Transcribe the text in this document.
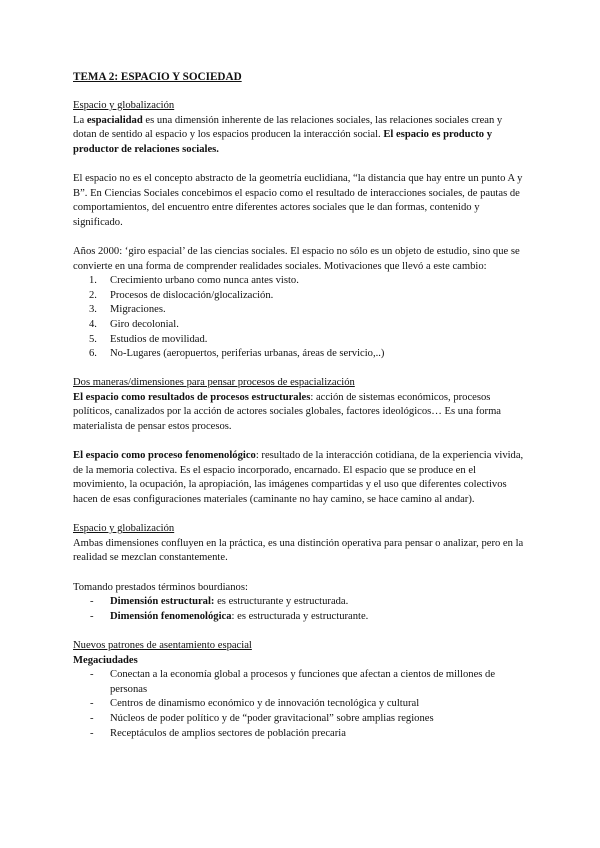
TEMA 2: ESPACIO Y SOCIEDAD

Espacio y globalización

La espacialidad es una dimensión inherente de las relaciones sociales, las relaciones sociales crean y dotan de sentido al espacio y los espacios producen la interacción social. El espacio es producto y productor de relaciones sociales.

El espacio no es el concepto abstracto de la geometría euclidiana, “la distancia que hay entre un punto A y B”. En Ciencias Sociales concebimos el espacio como el resultado de interacciones sociales, de pautas de comportamientos, del encuentro entre diferentes actores sociales que le dan formas, contenido y significado.

Años 2000: ‘giro espacial’ de las ciencias sociales. El espacio no sólo es un objeto de estudio, sino que se convierte en una forma de comprender realidades sociales. Motivaciones que llevó a este cambio:

1. Crecimiento urbano como nunca antes visto.
2. Procesos de dislocación/glocalización.
3. Migraciones.
4. Giro decolonial.
5. Estudios de movilidad.
6. No-Lugares (aeropuertos, periferias urbanas, áreas de servicio,..)

Dos maneras/dimensiones para pensar procesos de espacialización

El espacio como resultados de procesos estructurales: acción de sistemas económicos, procesos políticos, canalizados por la acción de actores sociales globales, factores ideológicos… Es una forma materialista de pensar estos procesos.

El espacio como proceso fenomenológico: resultado de la interacción cotidiana, de la experiencia vivida, de la memoria colectiva. Es el espacio incorporado, encarnado. El espacio que se produce en el movimiento, la ocupación, la apropiación, las imágenes compartidas y el uso que diferentes colectivos hacen de esas configuraciones materiales (caminante no hay camino, se hace camino al andar).

Espacio y globalización

Ambas dimensiones confluyen en la práctica, es una distinción operativa para pensar o analizar, pero en la realidad se mezclan constantemente.

Tomando prestados términos bourdianos:

- Dimensión estructural: es estructurante y estructurada.
- Dimensión fenomenológica: es estructurada y estructurante.

Nuevos patrones de asentamiento espacial

Megaciudades

- Conectan a la economía global a procesos y funciones que afectan a cientos de millones de personas
- Centros de dinamismo económico y de innovación tecnológica y cultural
- Núcleos de poder político y de “poder gravitacional” sobre amplias regiones
- Receptáculos de amplios sectores de población precaria
